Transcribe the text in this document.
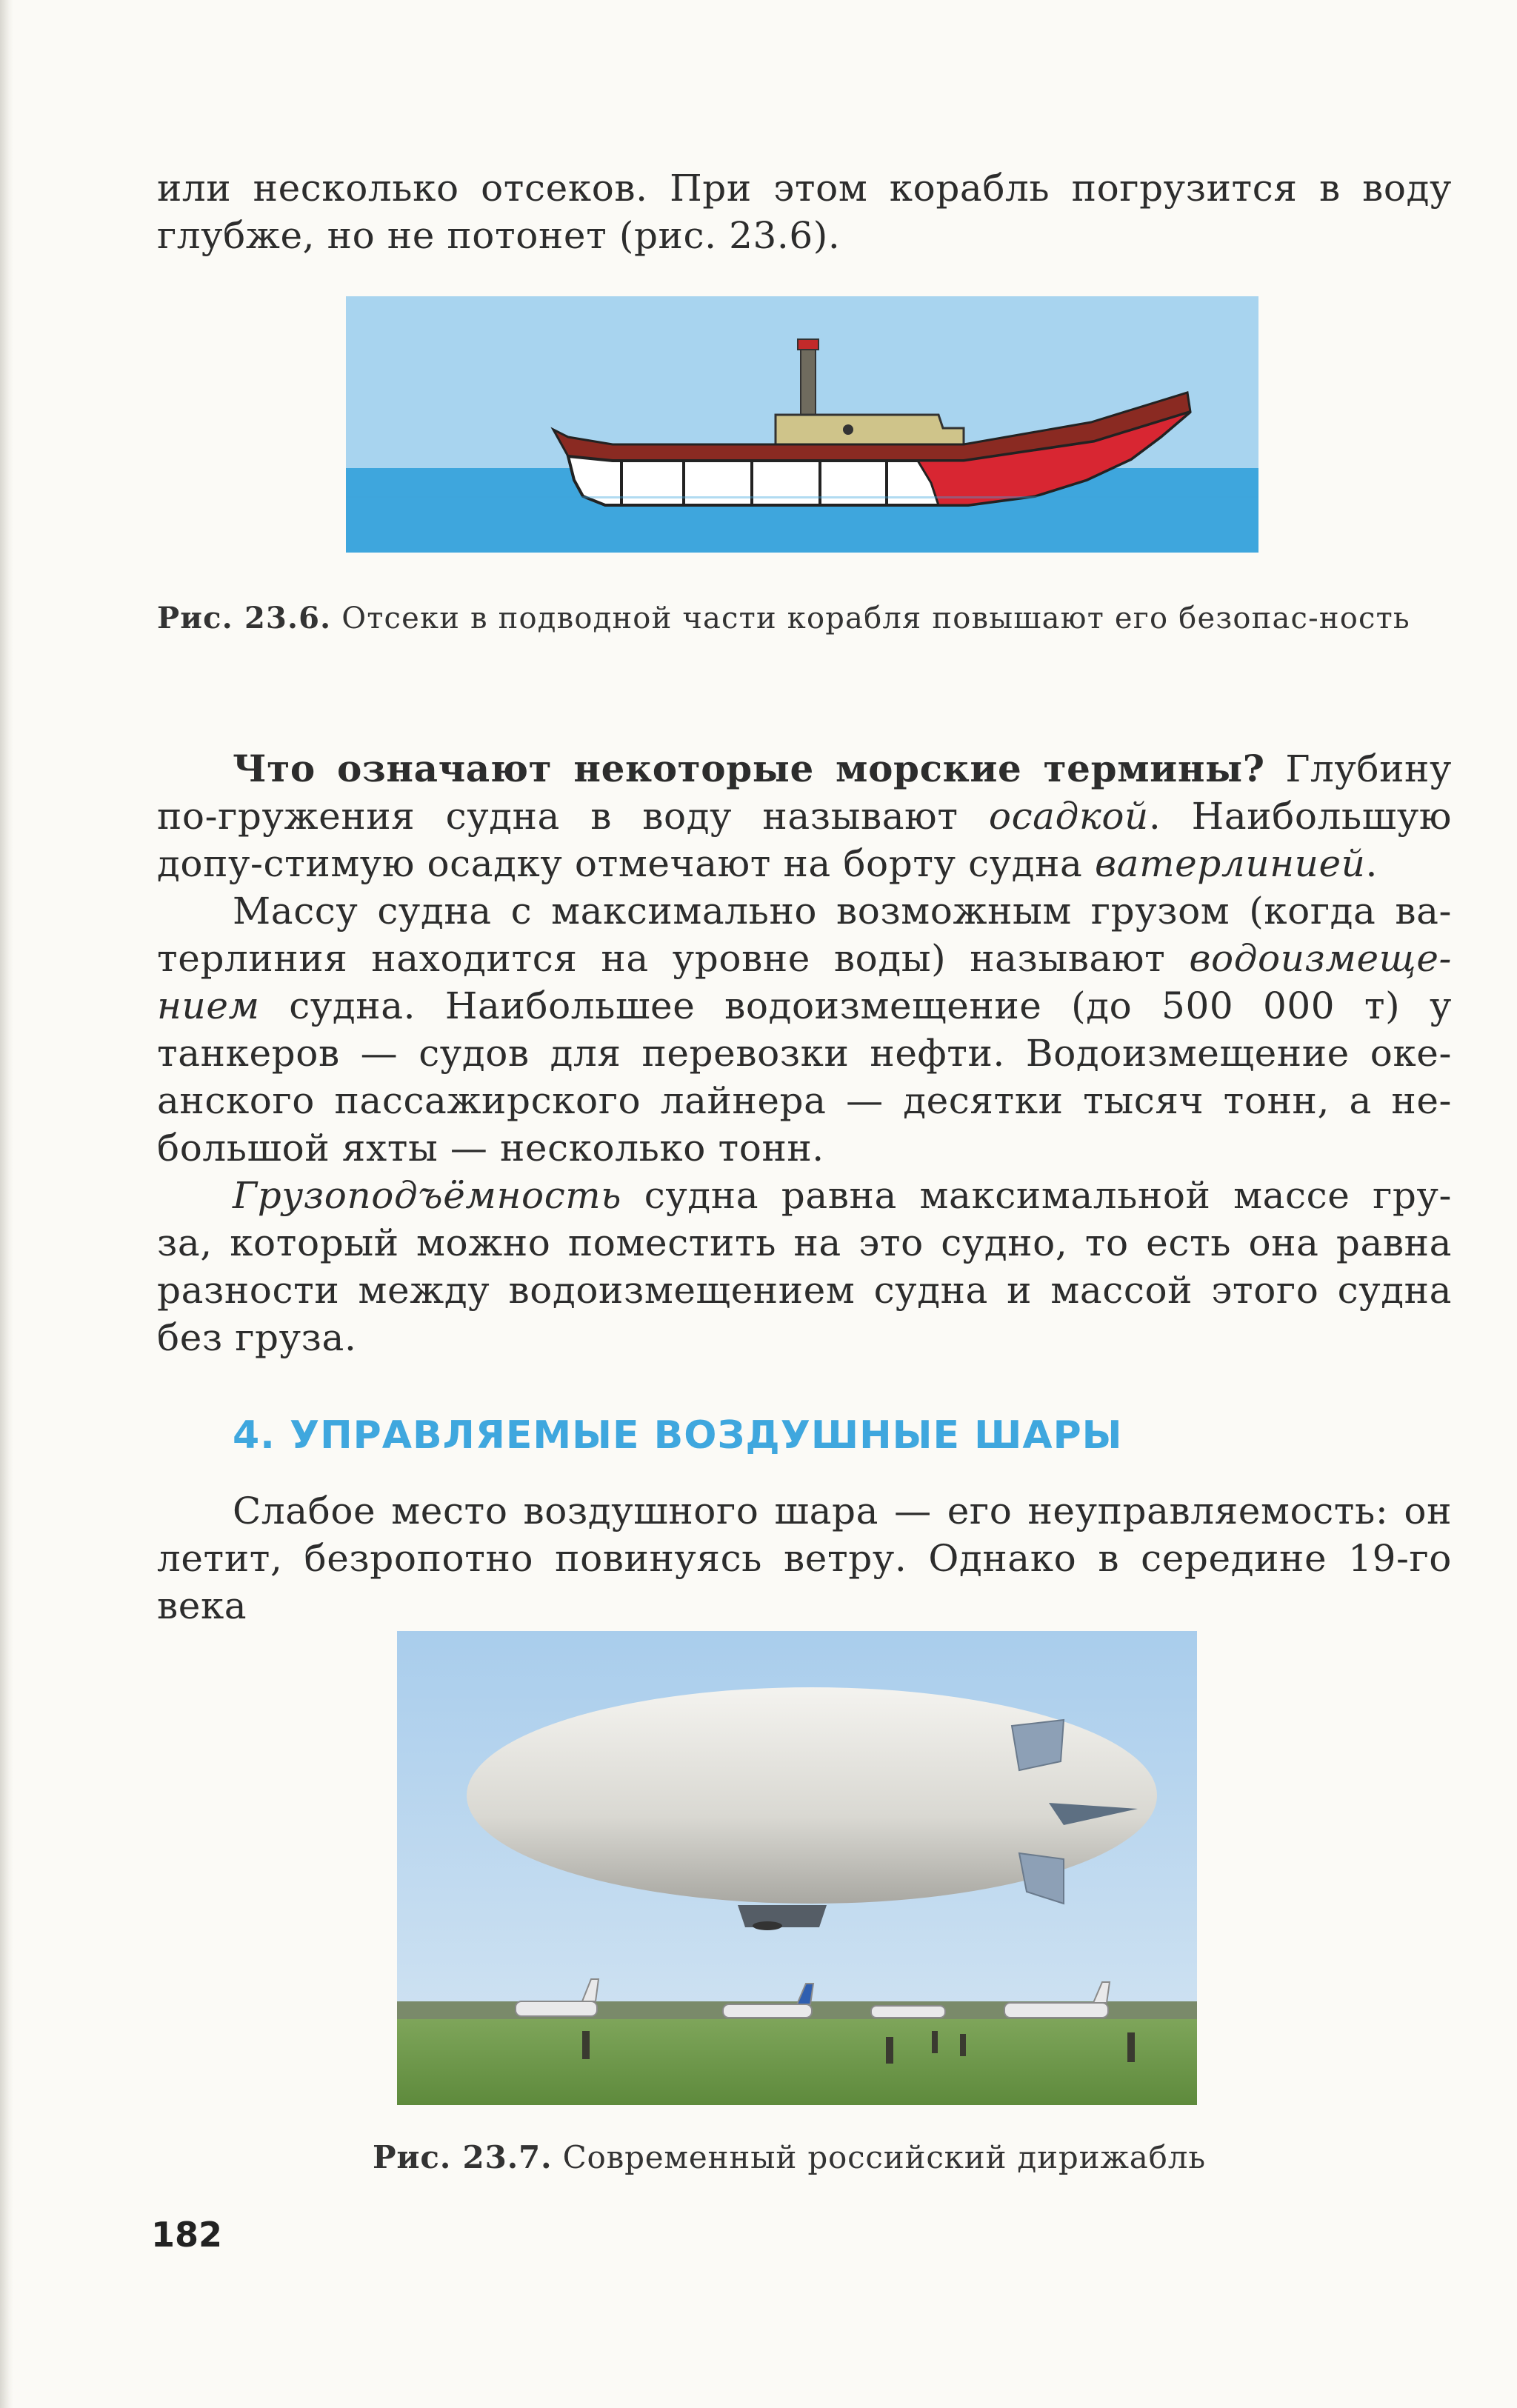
или несколько отсеков. При этом корабль погрузится в воду

глубже, но не потонет (рис. 23.6).

Рис. 23.6. Отсеки в подводной части корабля повышают его безопас-ность

Что означают некоторые морские термины? Глубину по-гружения судна в воду называют осадкой. Наибольшую допу-стимую осадку отмечают на борту судна ватерлинией.

Массу судна с максимально возможным грузом (когда ва-терлиния находится на уровне воды) называют водоизмеще-нием судна. Наибольшее водоизмещение (до 500 000 т) у танкеров — судов для перевозки нефти. Водоизмещение оке-анского пассажирского лайнера — десятки тысяч тонн, а не-большой яхты — несколько тонн.

Грузоподъёмность судна равна максимальной массе гру-за, который можно поместить на это судно, то есть она равна разности между водоизмещением судна и массой этого судна без груза.

4. УПРАВЛЯЕМЫЕ ВОЗДУШНЫЕ ШАРЫ

Слабое место воздушного шара — его неуправляемость: он летит, безропотно повинуясь ветру. Однако в середине 19-го века

Рис. 23.7. Современный российский дирижабль
182
